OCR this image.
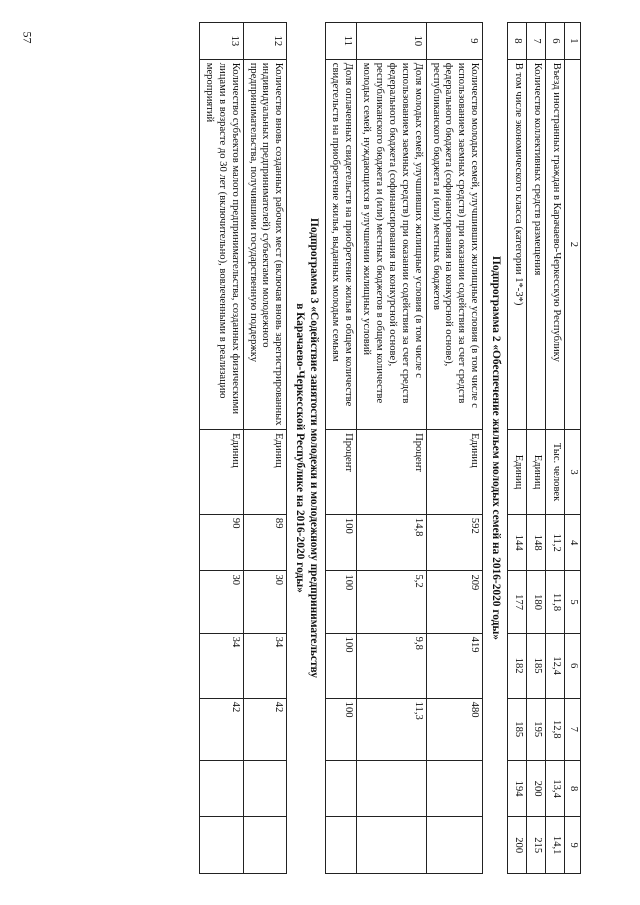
57	1	2	3	4	5	6	7	8	9
6	Въезд иностранных граждан в Карачаево-Черкесскую Республику	Тыс. человек	11,2	11,8	12,4	12,8	13,4	14,1
7	Количество коллективных средств размещения	Единиц	148	180	185	195	200	215
8	В том числе экономического класса (категории 1*-3*)	Единиц	144	177	182	185	194	200
Подпрограмма 2 «Обеспечение жильем молодых семей на 2016-2020 годы»								
9	Количество молодых семей, улучшивших жилищные условия (в том числе с использованием заемных средств) при оказании содействия за счет средств федерального бюджета (софинансирования на конкурсной основе), республиканского бюджета и (или) местных бюджетов	Единиц	592	209	419	480		
10	Доля молодых семей, улучшивших жилищные условия (в том числе с использованием заемных средств) при оказании содействия за счет средств федерального бюджета (софинансирования на конкурсной основе), республиканского бюджета и (или) местных бюджетов в общем количестве молодых семей, нуждающихся в улучшении жилищных условий	Процент	14,8	5,2	9,8	11,3		
11	Доля оплаченных свидетельств на приобретение жилья в общем количестве свидетельств на приобретение жилья, выданных молодым семьям	Процент	100	100	100	100		

Подпрограмма 3 «Содействие занятости молодежи и молодежному предпринимательству
в Карачаево-Черкесской Республике на 2016-2020 годы»								

12	Количество вновь созданных рабочих мест (включая вновь зарегистрированных индивидуальных предпринимателей) субъектами молодежного предпринимательства, получившими государственную поддержку	Единиц	89	30	34	42		
13	Количество субъектов малого предпринимательства, созданных физическими лицами в возрасте до 30 лет (включительно), вовлеченными в реализацию мероприятий	Единиц	90	30	34	42		
